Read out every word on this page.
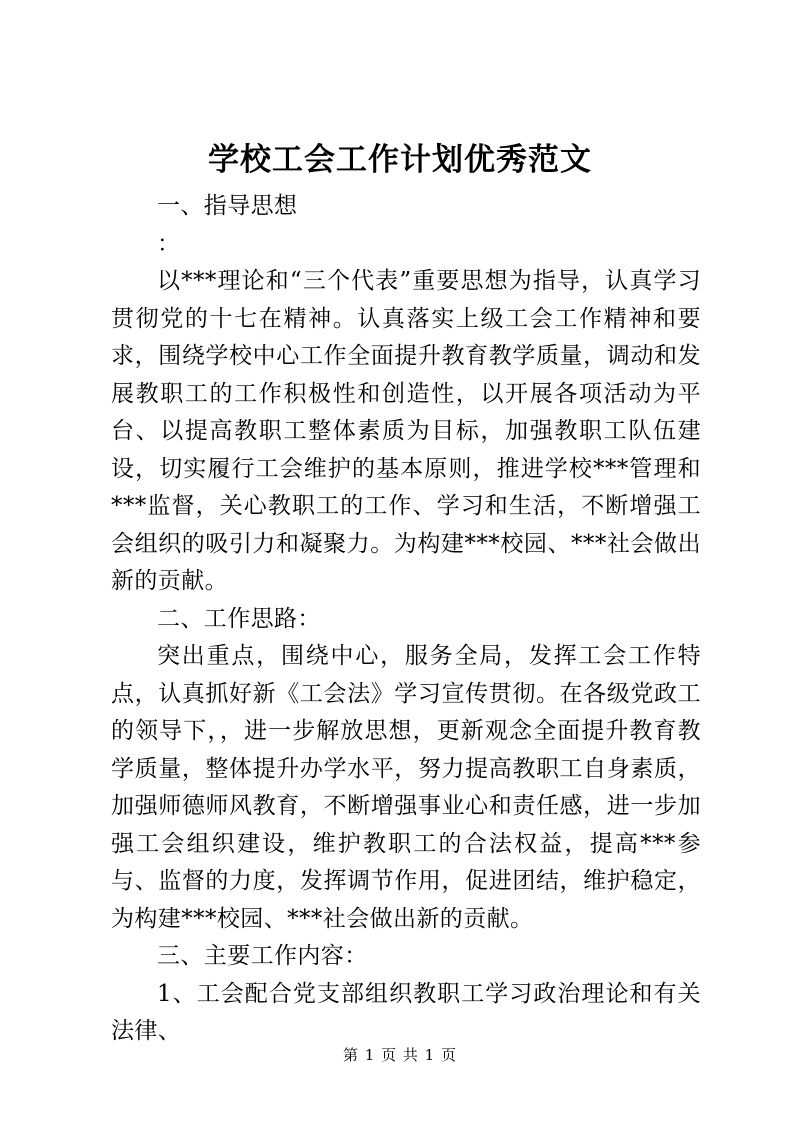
学校工会工作计划优秀范文

一、指导思想

：

以***理论和“三个代表”重要思想为指导，认真学习贯彻党的十七在精神。认真落实上级工会工作精神和要求，围绕学校中心工作全面提升教育教学质量，调动和发展教职工的工作积极性和创造性，以开展各项活动为平台、以提高教职工整体素质为目标，加强教职工队伍建设，切实履行工会维护的基本原则，推进学校***管理和***监督，关心教职工的工作、学习和生活，不断增强工会组织的吸引力和凝聚力。为构建***校园、***社会做出新的贡献。

二、工作思路：

突出重点，围绕中心，服务全局，发挥工会工作特点，认真抓好新《工会法》学习宣传贯彻。在各级党政工的领导下，，进一步解放思想，更新观念全面提升教育教学质量，整体提升办学水平，努力提高教职工自身素质，加强师德师风教育，不断增强事业心和责任感，进一步加强工会组织建设，维护教职工的合法权益，提高***参与、监督的力度，发挥调节作用，促进团结，维护稳定，为构建***校园、***社会做出新的贡献。

三、主要工作内容：

1、工会配合党支部组织教职工学习政治理论和有关法律、

第 1 页 共 1 页
